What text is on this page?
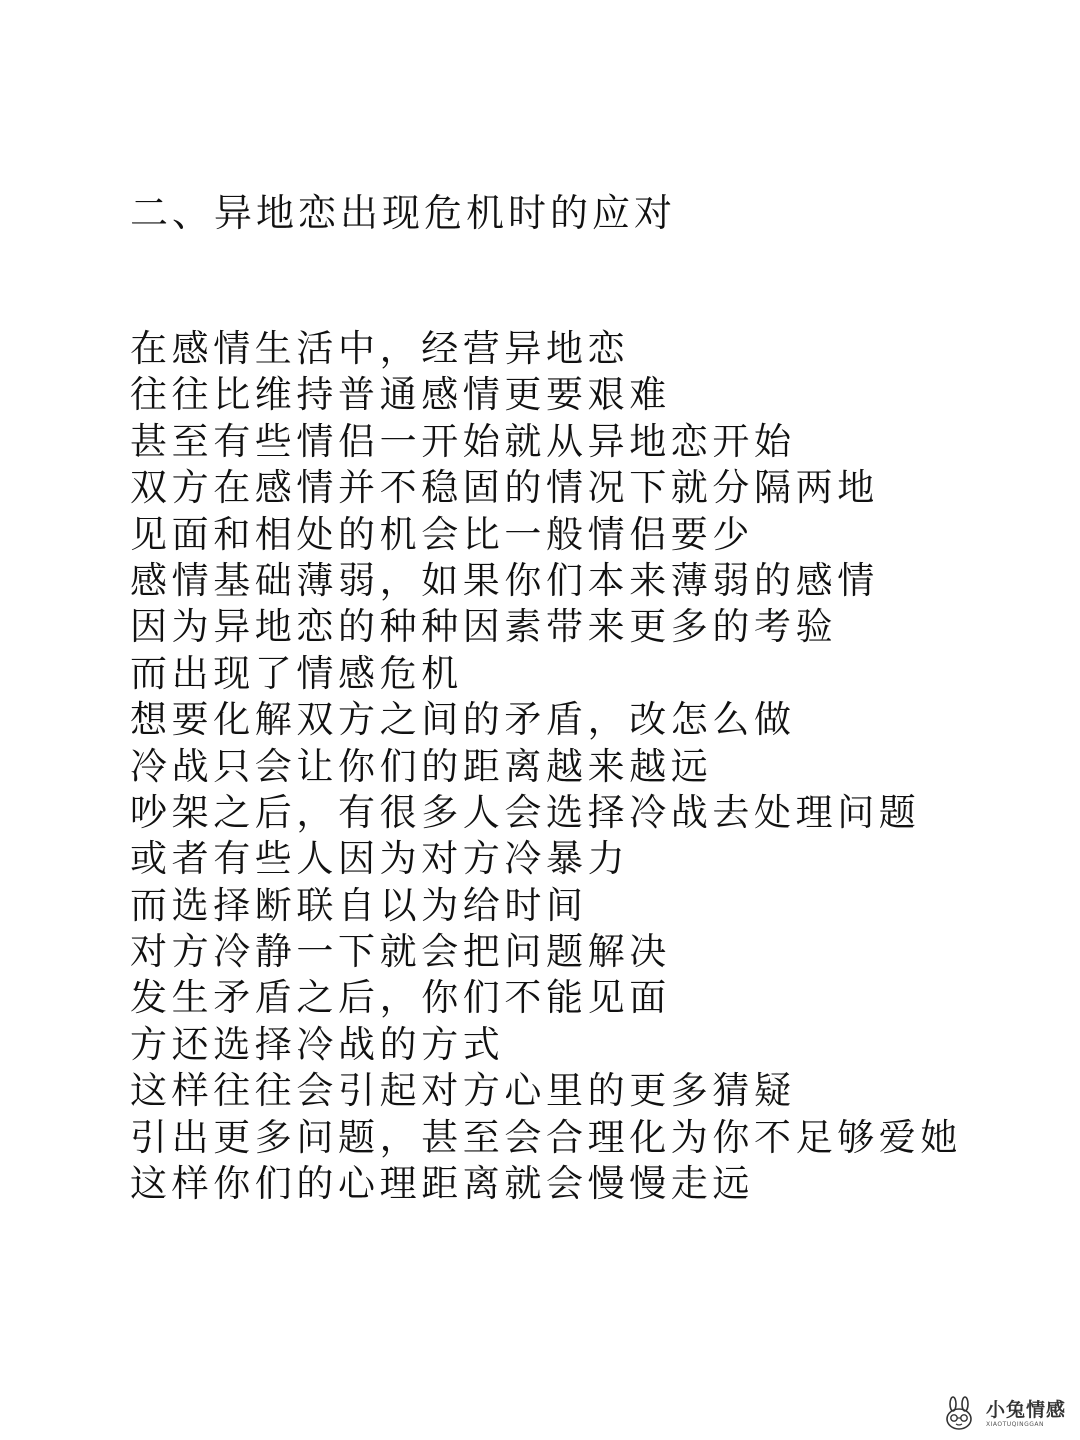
二、异地恋出现危机时的应对
在感情生活中，经营异地恋
往往比维持普通感情更要艰难
甚至有些情侣一开始就从异地恋开始
双方在感情并不稳固的情况下就分隔两地
见面和相处的机会比一般情侣要少
感情基础薄弱，如果你们本来薄弱的感情
因为异地恋的种种因素带来更多的考验
而出现了情感危机
想要化解双方之间的矛盾，改怎么做
冷战只会让你们的距离越来越远
吵架之后，有很多人会选择冷战去处理问题
或者有些人因为对方冷暴力
而选择断联自以为给时间
对方冷静一下就会把问题解决
发生矛盾之后，你们不能见面
方还选择冷战的方式
这样往往会引起对方心里的更多猜疑
引出更多问题，甚至会合理化为你不足够爱她
这样你们的心理距离就会慢慢走远
小兔情感
XIAOTUQINGGAN
